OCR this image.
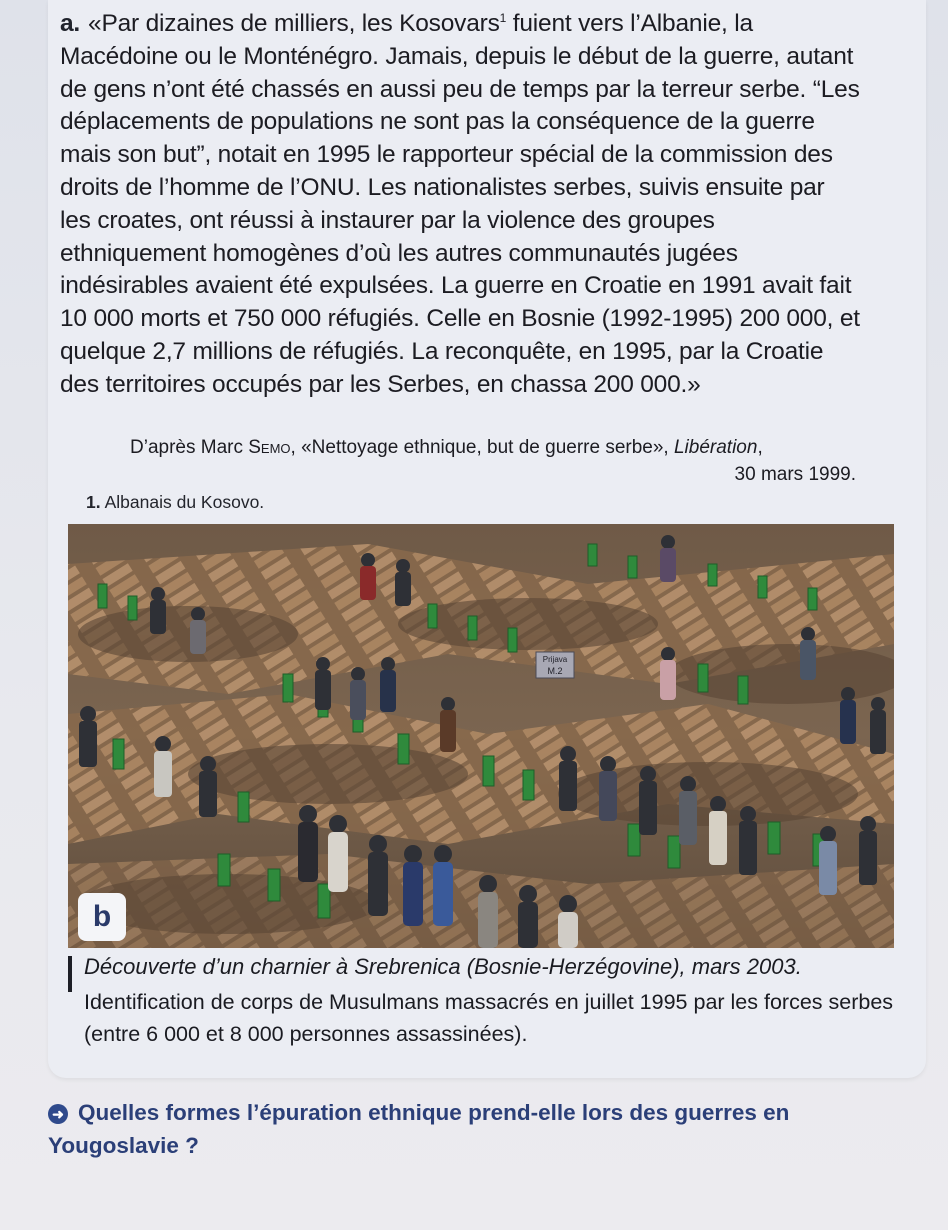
a. «Par dizaines de milliers, les Kosovars$^1$ fuient vers l’Albanie, la Macédoine ou le Monténégro. Jamais, depuis le début de la guerre, autant de gens n’ont été chassés en aussi peu de temps par la terreur serbe. “Les déplacements de populations ne sont pas la conséquence de la guerre mais son but”, notait en 1995 le rapporteur spécial de la commission des droits de l’homme de l’ONU. Les nationalistes serbes, suivis ensuite par les croates, ont réussi à instaurer par la violence des groupes ethniquement homogènes d’où les autres communautés jugées indésirables avaient été expulsées. La guerre en Croatie en 1991 avait fait 10 000 morts et 750 000 réfugiés. Celle en Bosnie (1992-1995) 200 000, et quelque 2,7 millions de réfugiés. La reconquête, en 1995, par la Croatie des territoires occupés par les Serbes, en chassa 200 000.»
D’après Marc Semo, «Nettoyage ethnique, but de guerre serbe», Libération,
30 mars 1999.
1. Albanais du Kosovo.
Prijava
M.2
b
Découverte d’un charnier à Srebrenica (Bosnie-Herzégovine), mars 2003.
Identification de corps de Musulmans massacrés en juillet 1995 par les forces serbes (entre 6 000 et 8 000 personnes assassinées).
➜ Quelles formes l’épuration ethnique prend-elle lors des guerres en Yougoslavie ?
